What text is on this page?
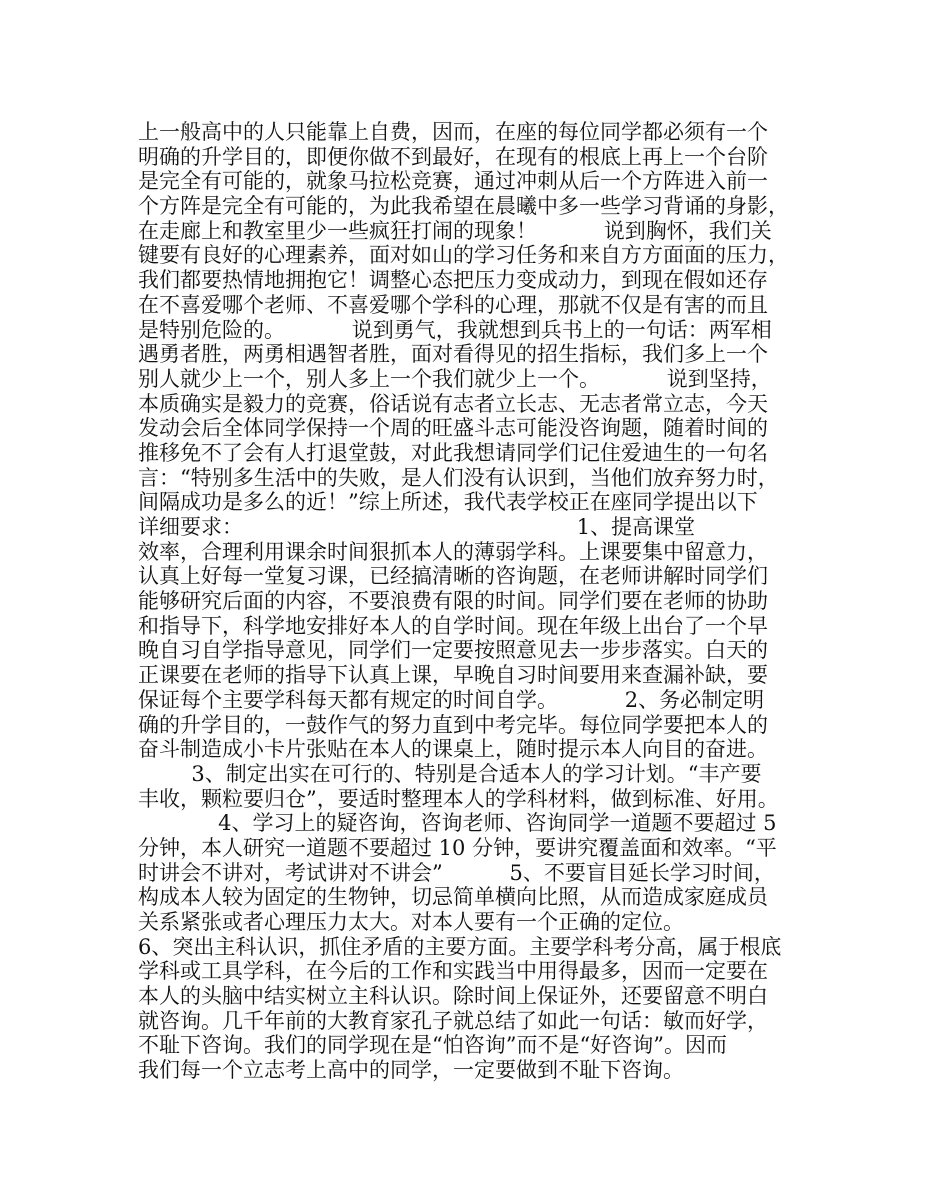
上一般高中的人只能靠上自费，因而，在座的每位同学都必须有一个
明确的升学目的，即便你做不到最好，在现有的根底上再上一个台阶
是完全有可能的，就象马拉松竞赛，通过冲刺从后一个方阵进入前一
个方阵是完全有可能的，为此我希望在晨曦中多一些学习背诵的身影，
在走廊上和教室里少一些疯狂打闹的现象！          说到胸怀，我们关
键要有良好的心理素养，面对如山的学习任务和来自方方面面的压力，
我们都要热情地拥抱它！调整心态把压力变成动力，到现在假如还存
在不喜爱哪个老师、不喜爱哪个学科的心理，那就不仅是有害的而且
是特别危险的。          说到勇气，我就想到兵书上的一句话：两军相
遇勇者胜，两勇相遇智者胜，面对看得见的招生指标，我们多上一个
别人就少上一个，别人多上一个我们就少上一个。          说到坚持，
本质确实是毅力的竞赛，俗话说有志者立长志、无志者常立志，今天
发动会后全体同学保持一个周的旺盛斗志可能没咨询题，随着时间的
推移免不了会有人打退堂鼓，对此我想请同学们记住爱迪生的一句名
言：“特别多生活中的失败，是人们没有认识到，当他们放弃努力时，
间隔成功是多么的近！”综上所述，我代表学校正在座同学提出以下
详细要求：                                                  1、提高课堂
效率，合理利用课余时间狠抓本人的薄弱学科。上课要集中留意力，
认真上好每一堂复习课，已经搞清晰的咨询题，在老师讲解时同学们
能够研究后面的内容，不要浪费有限的时间。同学们要在老师的协助
和指导下，科学地安排好本人的自学时间。现在年级上出台了一个早
晚自习自学指导意见，同学们一定要按照意见去一步步落实。白天的
正课要在老师的指导下认真上课，早晚自习时间要用来查漏补缺，要
保证每个主要学科每天都有规定的时间自学。          2、务必制定明
确的升学目的，一鼓作气的努力直到中考完毕。每位同学要把本人的
奋斗制造成小卡片张贴在本人的课桌上，随时提示本人向目的奋进。
3、制定出实在可行的、特别是合适本人的学习计划。“丰产要
丰收，颗粒要归仓”，要适时整理本人的学科材料，做到标准、好用。
4、学习上的疑咨询，咨询老师、咨询同学一道题不要超过 5
分钟，本人研究一道题不要超过 10 分钟，要讲究覆盖面和效率。“平
时讲会不讲对，考试讲对不讲会”          5、不要盲目延长学习时间，
构成本人较为固定的生物钟，切忌简单横向比照，从而造成家庭成员
关系紧张或者心理压力太大。对本人要有一个正确的定位。
6、突出主科认识，抓住矛盾的主要方面。主要学科考分高，属于根底
学科或工具学科，在今后的工作和实践当中用得最多，因而一定要在
本人的头脑中结实树立主科认识。除时间上保证外，还要留意不明白
就咨询。几千年前的大教育家孔子就总结了如此一句话：敏而好学，
不耻下咨询。我们的同学现在是“怕咨询”而不是“好咨询”。因而
我们每一个立志考上高中的同学，一定要做到不耻下咨询。
